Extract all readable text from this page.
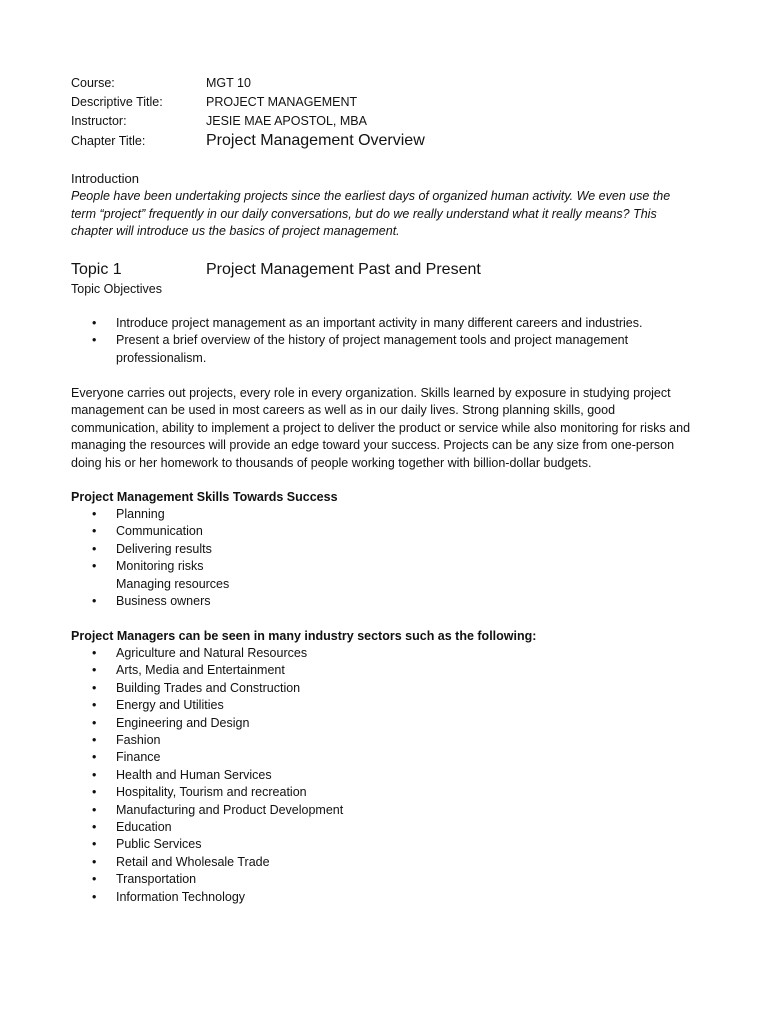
Course:	MGT 10
Descriptive Title:	PROJECT MANAGEMENT
Instructor:	JESIE MAE APOSTOL, MBA
Chapter Title:	Project Management Overview
Introduction
People have been undertaking projects since the earliest days of organized human activity. We even use the term “project” frequently in our daily conversations, but do we really understand what it really means? This chapter will introduce us the basics of project management.
Topic 1	Project Management Past and Present
Topic Objectives
• Introduce project management as an important activity in many different careers and industries.
• Present a brief overview of the history of project management tools and project management professionalism.
Everyone carries out projects, every role in every organization. Skills learned by exposure in studying project management can be used in most careers as well as in our daily lives. Strong planning skills, good communication, ability to implement a project to deliver the product or service while also monitoring for risks and managing the resources will provide an edge toward your success. Projects can be any size from one-person doing his or her homework to thousands of people working together with billion-dollar budgets.
Project Management Skills Towards Success
• Planning
• Communication
• Delivering results
• Monitoring risks
Managing resources
• Business owners
Project Managers can be seen in many industry sectors such as the following:
• Agriculture and Natural Resources
• Arts, Media and Entertainment
• Building Trades and Construction
• Energy and Utilities
• Engineering and Design
• Fashion
• Finance
• Health and Human Services
• Hospitality, Tourism and recreation
• Manufacturing and Product Development
• Education
• Public Services
• Retail and Wholesale Trade
• Transportation
• Information Technology
